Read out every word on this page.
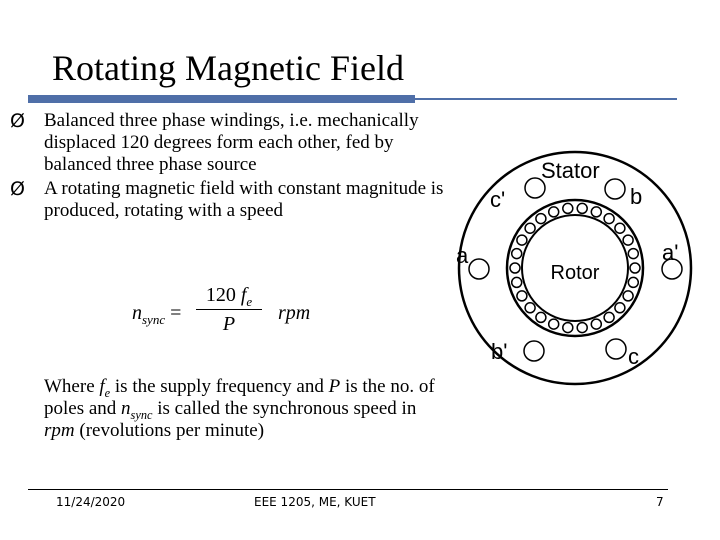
Rotating Magnetic Field
Ø	Balanced three phase windings, i.e. mechanically displaced 120 degrees form each other, fed by balanced three phase source
Ø	A rotating magnetic field with constant magnitude is produced, rotating with a speed
$n_{sync}$ =
120 $f_e$
P	rpm
Where $f_e$ is the supply frequency and P is the no. of poles and $n_{sync}$ is called the synchronous speed in rpm (revolutions per minute)
Stator
Rotor
a	a'
b
b'	c
c'
11/24/2020	EEE 1205, ME, KUET	7
